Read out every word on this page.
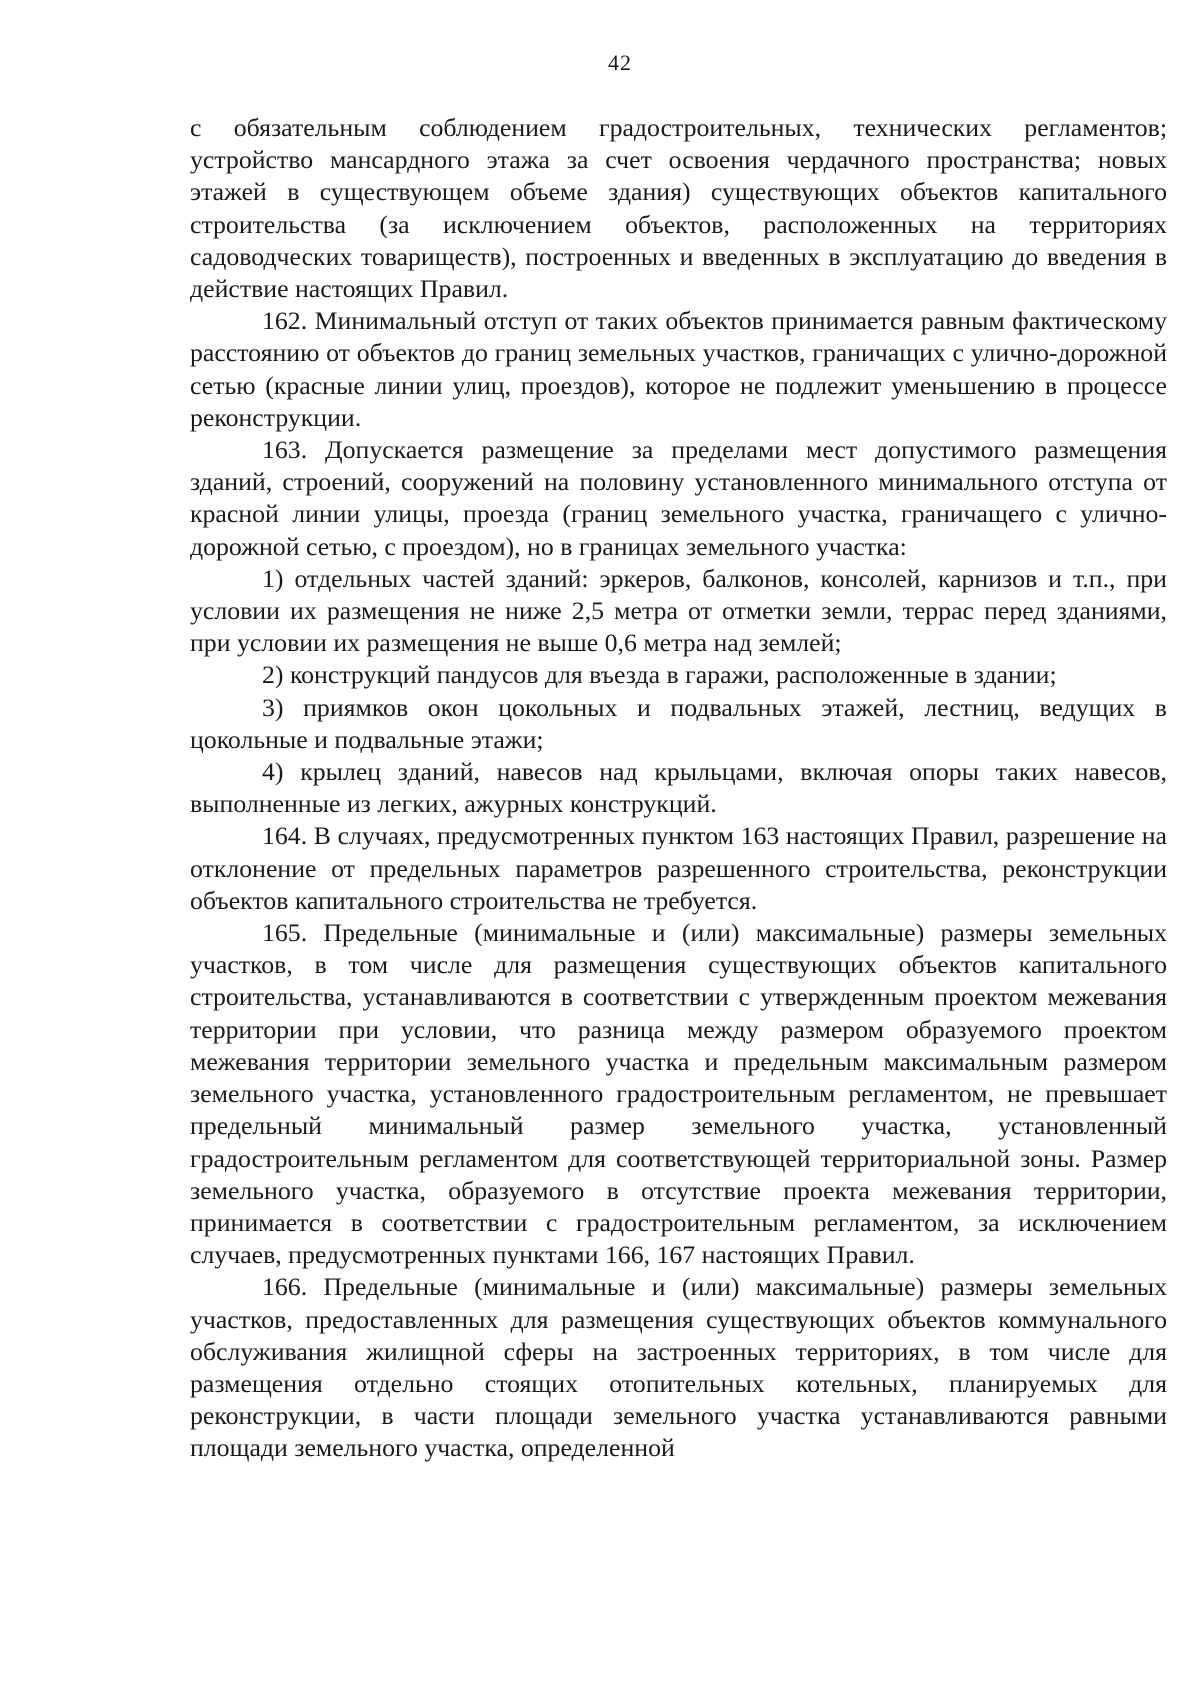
42

с обязательным соблюдением градостроительных, технических регламентов; устройство мансардного этажа за счет освоения чердачного пространства; новых этажей в существующем объеме здания) существующих объектов капитального строительства (за исключением объектов, расположенных на территориях садоводческих товариществ), построенных и введенных в эксплуатацию до введения в действие настоящих Правил.

162. Минимальный отступ от таких объектов принимается равным фактическому расстоянию от объектов до границ земельных участков, граничащих с улично-дорожной сетью (красные линии улиц, проездов), которое не подлежит уменьшению в процессе реконструкции.

163. Допускается размещение за пределами мест допустимого размещения зданий, строений, сооружений на половину установленного минимального отступа от красной линии улицы, проезда (границ земельного участка, граничащего с улично-дорожной сетью, с проездом), но в границах земельного участка:

1) отдельных частей зданий: эркеров, балконов, консолей, карнизов и т.п., при условии их размещения не ниже 2,5 метра от отметки земли, террас перед зданиями, при условии их размещения не выше 0,6 метра над землей;

2) конструкций пандусов для въезда в гаражи, расположенные в здании;

3) приямков окон цокольных и подвальных этажей, лестниц, ведущих в цокольные и подвальные этажи;

4) крылец зданий, навесов над крыльцами, включая опоры таких навесов, выполненные из легких, ажурных конструкций.

164. В случаях, предусмотренных пунктом 163 настоящих Правил, разрешение на отклонение от предельных параметров разрешенного строительства, реконструкции объектов капитального строительства не требуется.

165. Предельные (минимальные и (или) максимальные) размеры земельных участков, в том числе для размещения существующих объектов капитального строительства, устанавливаются в соответствии с утвержденным проектом межевания территории при условии, что разница между размером образуемого проектом межевания территории земельного участка и предельным максимальным размером земельного участка, установленного градостроительным регламентом, не превышает предельный минимальный размер земельного участка, установленный градостроительным регламентом для соответствующей территориальной зоны. Размер земельного участка, образуемого в отсутствие проекта межевания территории, принимается в соответствии с градостроительным регламентом, за исключением случаев, предусмотренных пунктами 166, 167 настоящих Правил.

166. Предельные (минимальные и (или) максимальные) размеры земельных участков, предоставленных для размещения существующих объектов коммунального обслуживания жилищной сферы на застроенных территориях, в том числе для размещения отдельно стоящих отопительных котельных, планируемых для реконструкции, в части площади земельного участка устанавливаются равными площади земельного участка, определенной
